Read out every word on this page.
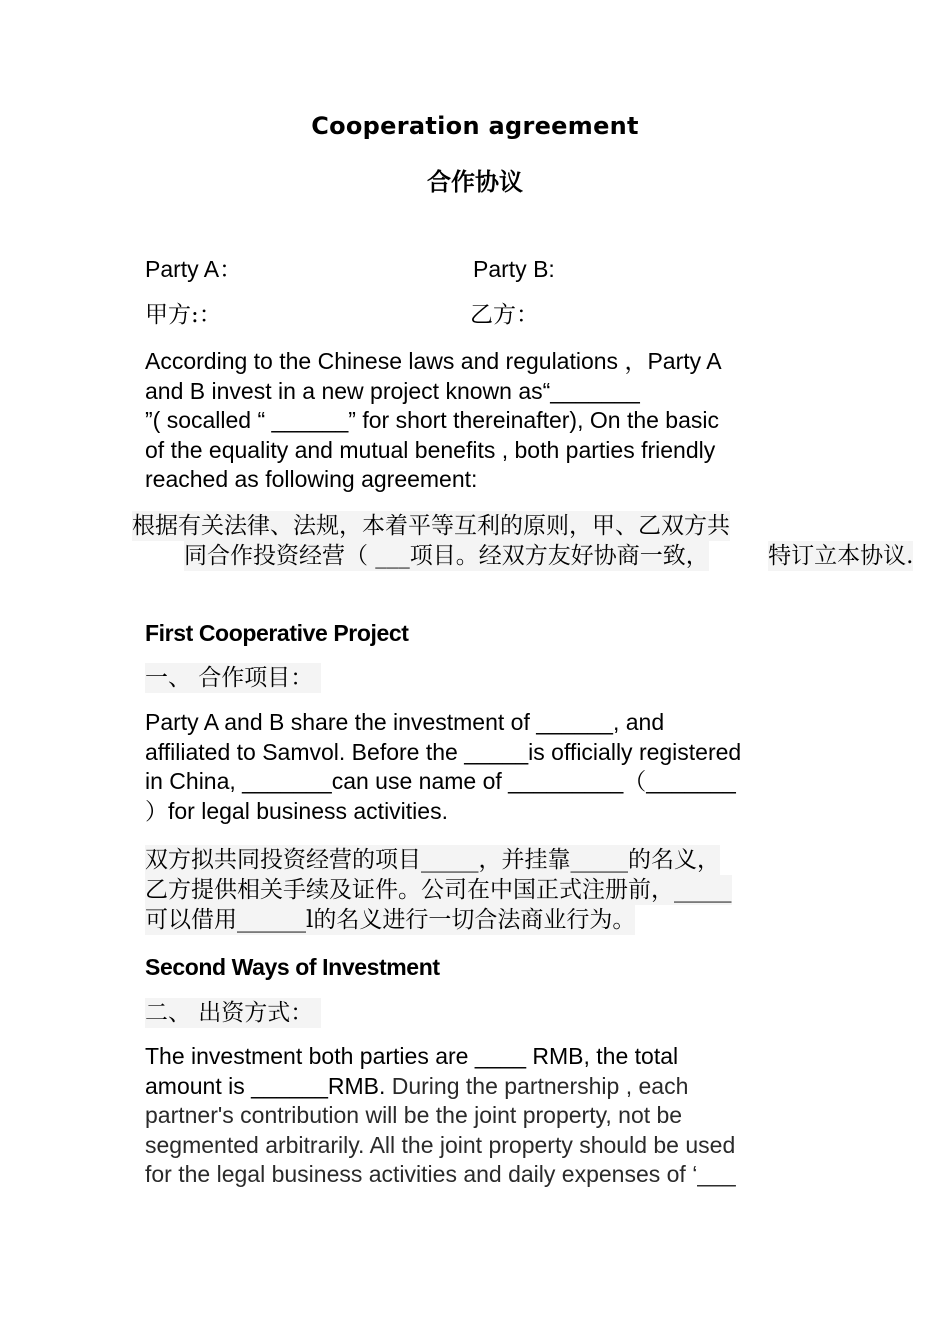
Cooperation agreement
合作协议
Party A：	Party B:
甲方:：	乙方：
According to the Chinese laws and regulations ，Party A
and B invest in a new project known as“_______
”( socalled “ ______” for short thereinafter), On the basic
of the equality and mutual benefits , both parties friendly
reached as following agreement:
根据有关法律、法规，本着平等互利的原则，甲、乙双方共 同合作投资经营（ ___项目。经双方友好协商一致，	特订立本协议.
First Cooperative Project
一、 合作项目：
Party A and B share the investment of ______, and
affiliated to Samvol. Before the _____is officially registered
in China, _______can use name of _________（_______
）for legal business activities.
双方拟共同投资经营的项目_____，并挂靠_____的名义， 乙方提供相关手续及证件。公司在中国正式注册前，_____ 可以借用______l的名义进行一切合法商业行为。
Second Ways of Investment
二、 出资方式：
The investment both parties are ____ RMB, the total
amount is ______RMB. During the partnership , each
partner's contribution will be the joint property, not be
segmented arbitrarily. All the joint property should be used
for the legal business activities and daily expenses of ‘___
